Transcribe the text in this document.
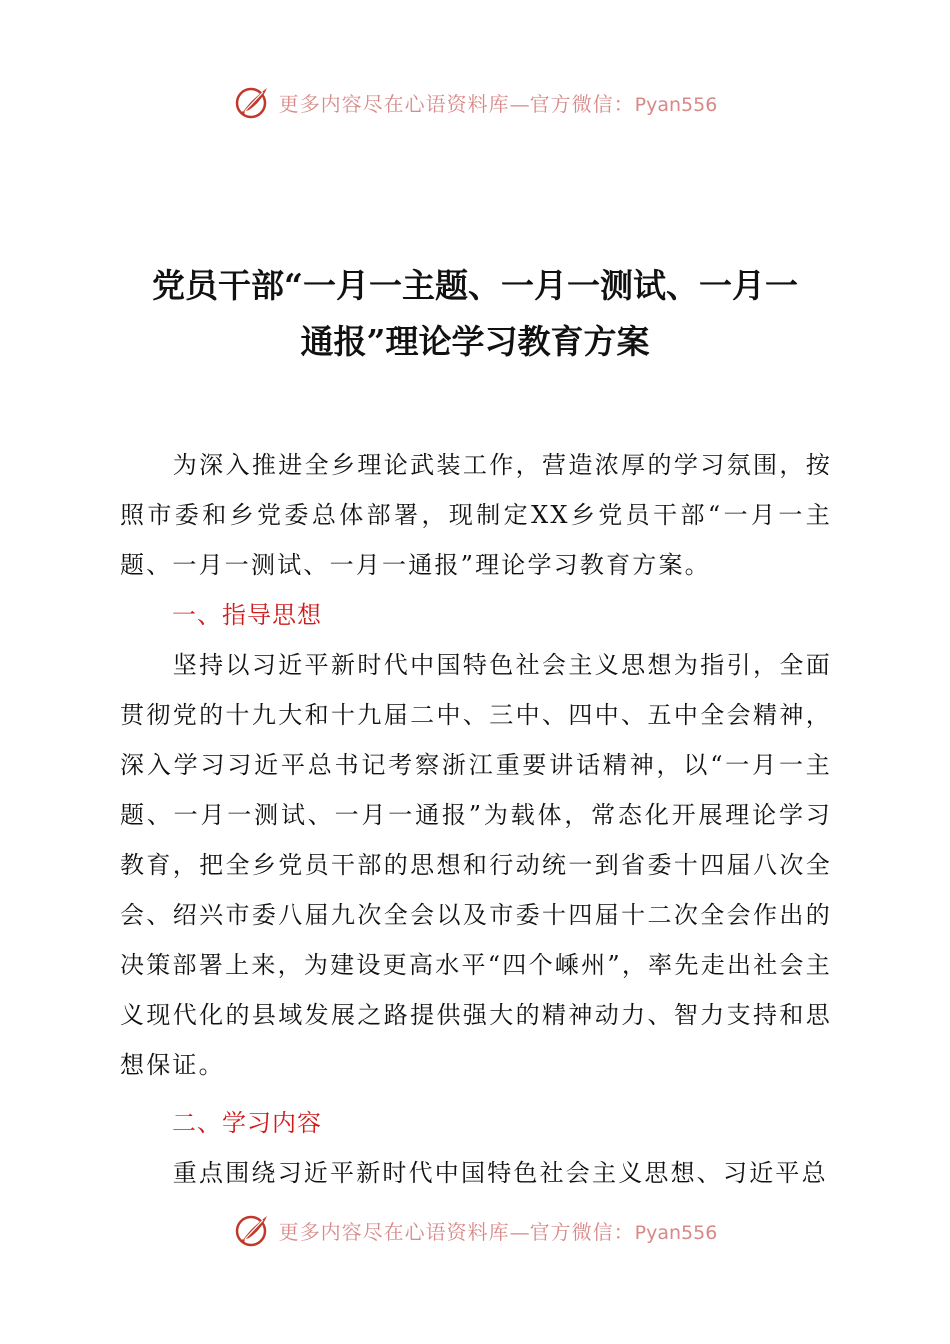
更多内容尽在心语资料库—官方微信：Pyan556
党员干部“一月一主题、一月一测试、一月一
通报”理论学习教育方案

为深入推进全乡理论武装工作，营造浓厚的学习氛围，按照市委和乡党委总体部署，现制定XX乡党员干部“一月一主题、一月一测试、一月一通报”理论学习教育方案。

一、指导思想

坚持以习近平新时代中国特色社会主义思想为指引，全面贯彻党的十九大和十九届二中、三中、四中、五中全会精神，深入学习习近平总书记考察浙江重要讲话精神，以“一月一主题、一月一测试、一月一通报”为载体，常态化开展理论学习教育，把全乡党员干部的思想和行动统一到省委十四届八次全会、绍兴市委八届九次全会以及市委十四届十二次全会作出的决策部署上来，为建设更高水平“四个嵊州”，率先走出社会主义现代化的县域发展之路提供强大的精神动力、智力支持和思想保证。

二、学习内容

重点围绕习近平新时代中国特色社会主义思想、习近平总

更多内容尽在心语资料库—官方微信：Pyan556
